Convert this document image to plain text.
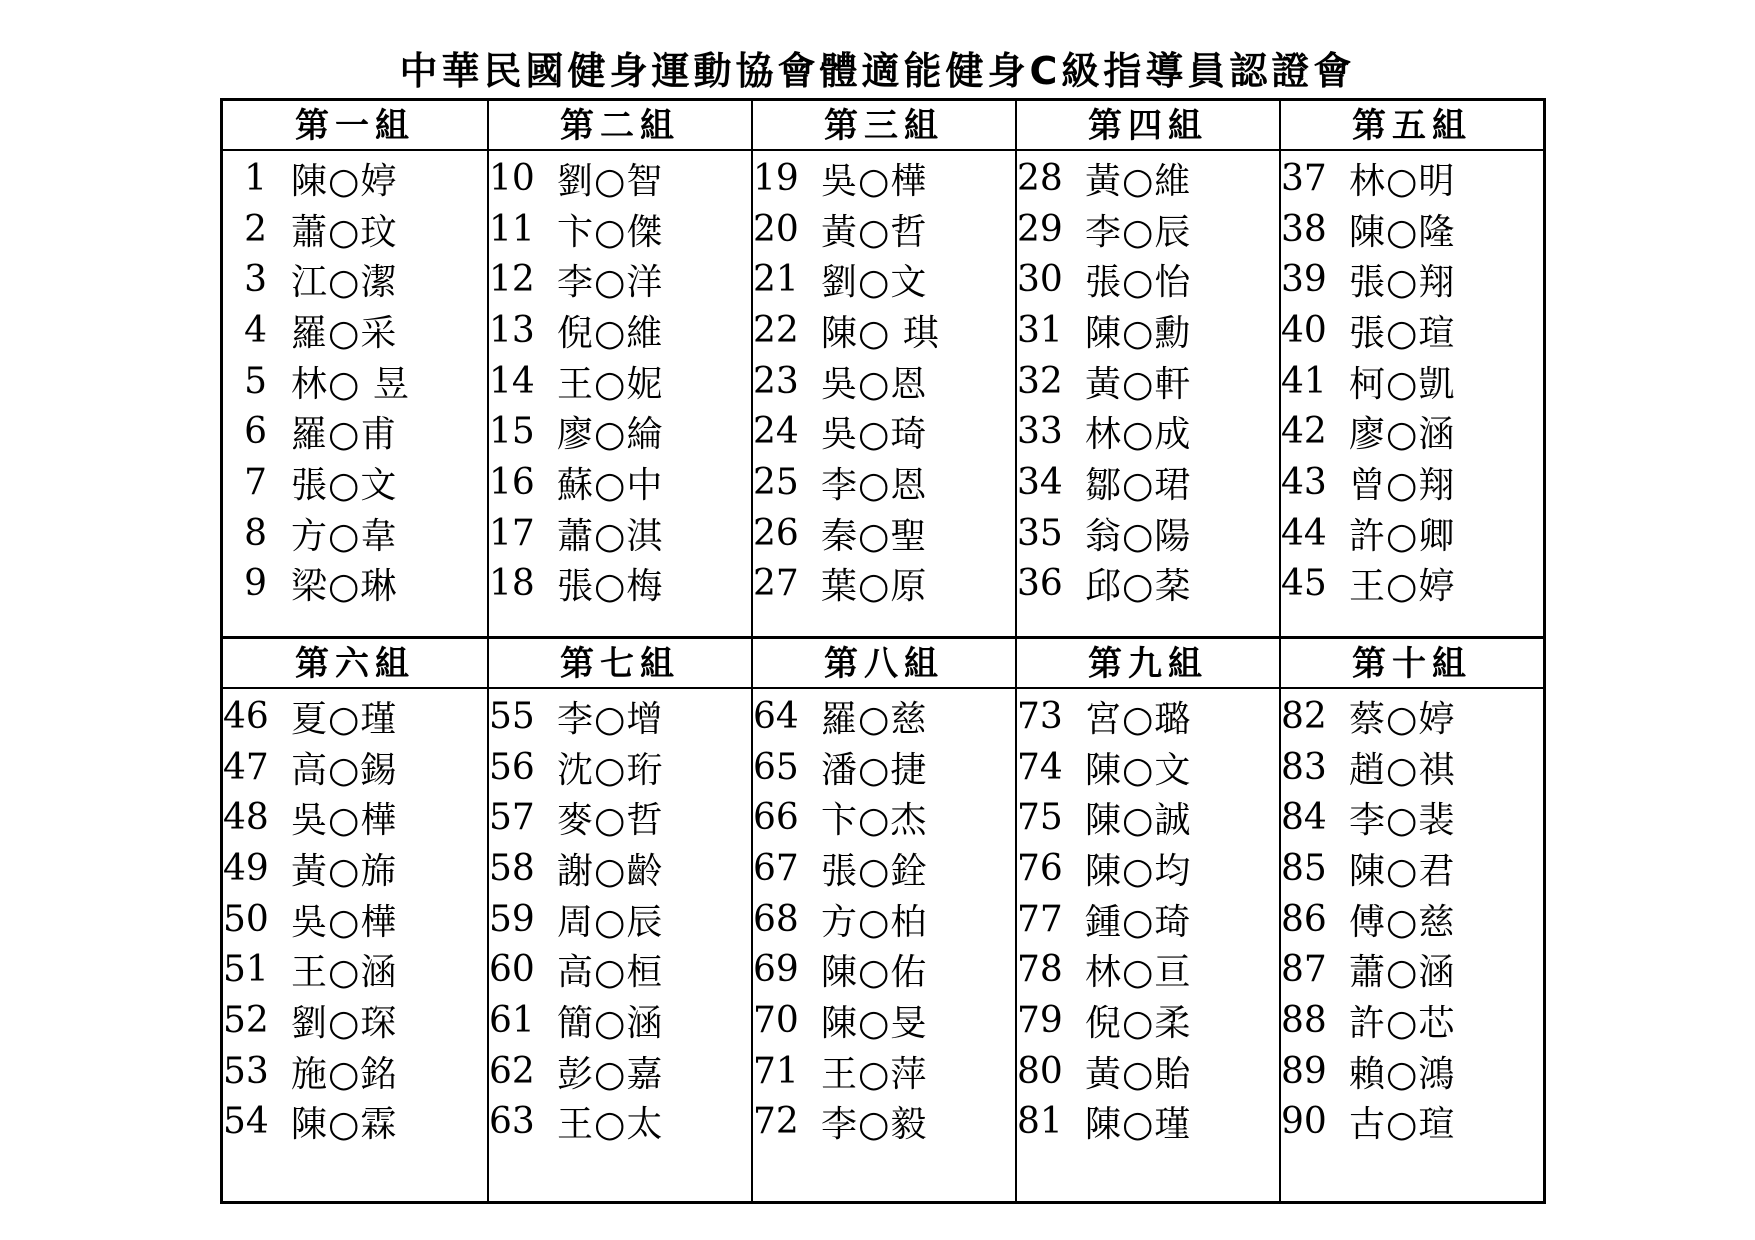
中華民國健身運動協會體適能健身C級指導員認證會
第一組
1 陳○婷
2 蕭○玟
3 江○潔
4 羅○采
5 林○ 昱
6 羅○甫
7 張○文
8 方○韋
9 梁○琳
第二組
10 劉○智
11 卞○傑
12 李○洋
13 倪○維
14 王○妮
15 廖○綸
16 蘇○中
17 蕭○淇
18 張○梅
第三組
19 吳○樺
20 黃○哲
21 劉○文
22 陳○ 琪
23 吳○恩
24 吳○琦
25 李○恩
26 秦○聖
27 葉○原
第四組
28 黃○維
29 李○辰
30 張○怡
31 陳○勳
32 黃○軒
33 林○成
34 鄒○珺
35 翁○陽
36 邱○棻
第五組
37 林○明
38 陳○隆
39 張○翔
40 張○瑄
41 柯○凱
42 廖○涵
43 曾○翔
44 許○卿
45 王○婷
第六組
46 夏○瑾
47 高○錫
48 吳○樺
49 黃○旆
50 吳○樺
51 王○涵
52 劉○琛
53 施○銘
54 陳○霖
第七組
55 李○增
56 沈○珩
57 麥○哲
58 謝○齡
59 周○辰
60 高○桓
61 簡○涵
62 彭○嘉
63 王○太
第八組
64 羅○慈
65 潘○捷
66 卞○杰
67 張○銓
68 方○柏
69 陳○佑
70 陳○旻
71 王○萍
72 李○毅
第九組
73 宮○璐
74 陳○文
75 陳○誠
76 陳○均
77 鍾○琦
78 林○亘
79 倪○柔
80 黃○貽
81 陳○瑾
第十組
82 蔡○婷
83 趙○祺
84 李○裴
85 陳○君
86 傅○慈
87 蕭○涵
88 許○芯
89 賴○鴻
90 古○瑄
